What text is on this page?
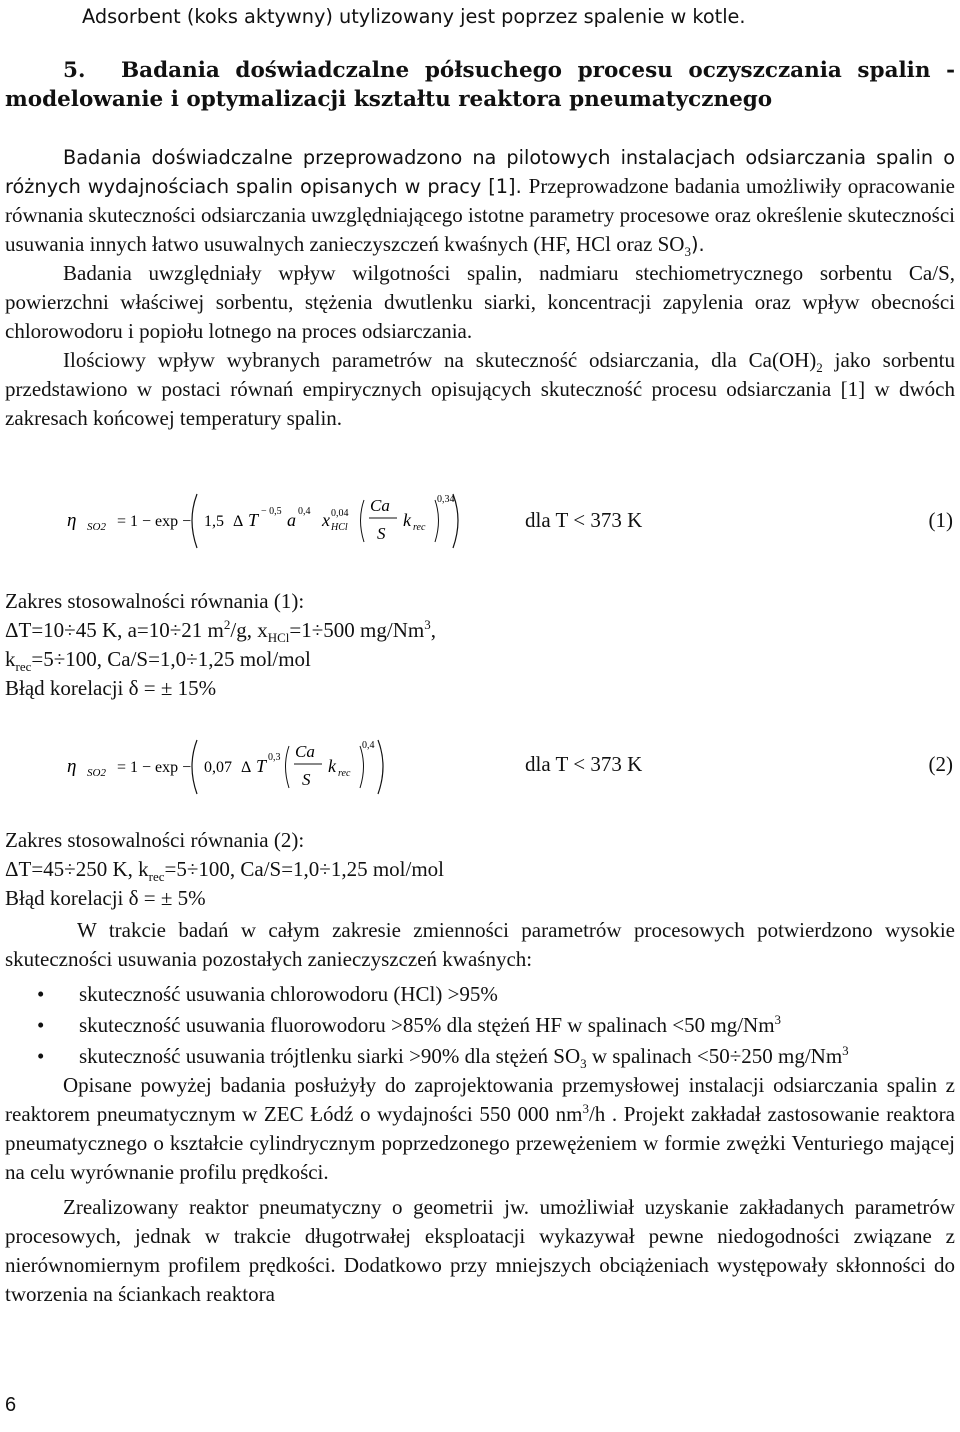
Adsorbent (koks aktywny) utylizowany jest poprzez spalenie w kotle.

5. Badania doświadczalne półsuchego procesu oczyszczania spalin -

modelowanie i optymalizacji kształtu reaktora pneumatycznego

Badania doświadczalne przeprowadzono na pilotowych instalacjach odsiarczania spalin o różnych wydajnościach spalin opisanych w pracy [1]. Przeprowadzone badania umożliwiły opracowanie równania skuteczności odsiarczania uwzględniającego istotne parametry procesowe oraz określenie skuteczności usuwania innych łatwo usuwalnych zanieczyszczeń kwaśnych (HF, HCl oraz $SO_3$).

Badania uwzględniały wpływ wilgotności spalin, nadmiaru stechiometrycznego sorbentu Ca/S, powierzchni właściwej sorbentu, stężenia dwutlenku siarki, koncentracji zapylenia oraz wpływ obecności chlorowodoru i popiołu lotnego na proces odsiarczania.

Ilościowy wpływ wybranych parametrów na skuteczność odsiarczania, dla $Ca(OH)_2$ jako sorbentu przedstawiono w postaci równań empirycznych opisujących skuteczność procesu odsiarczania [1] w dwóch zakresach końcowej temperatury spalin.

η SO2 = 1 − exp − 1,5 Δ T − 0,5 a 0,4 x 0,04
HCl
Ca
S
k rec
0,34
dla T < 373 K	(1)

Zakres stosowalności równania (1):

ΔT=10÷45 K, a=10÷21 $m^2/g$, $x_{HCl}=1\div 500$ mg/Nm$^3$,

$k_{rec}=5\div 100$, Ca/S=1,0÷1,25 mol/mol

Błąd korelacji δ = ± 15%

η SO2 = 1 − exp − 0,07 Δ T 0,3 Ca
S
k rec
0,4
dla T < 373 K	(2)

Zakres stosowalności równania (2):

ΔT=45÷250 K, $k_{rec}=5\div 100$, Ca/S=1,0÷1,25 mol/mol

Błąd korelacji δ = ± 5%

W trakcie badań w całym zakresie zmienności parametrów procesowych potwierdzono wysokie skuteczności usuwania pozostałych zanieczyszczeń kwaśnych:

• skuteczność usuwania chlorowodoru (HCl) >95%
• skuteczność usuwania fluorowodoru >85% dla stężeń HF w spalinach <50 mg/Nm$^3$
• skuteczność usuwania trójtlenku siarki >90% dla stężeń $SO_3$ w spalinach <50÷250 mg/Nm$^3$

Opisane powyżej badania posłużyły do zaprojektowania przemysłowej instalacji odsiarczania spalin z reaktorem pneumatycznym w ZEC Łódź o wydajności 550 000 $nm^3/h$ . Projekt zakładał zastosowanie reaktora pneumatycznego o kształcie cylindrycznym poprzedzonego przewężeniem w formie zwężki Venturiego mającej na celu wyrównanie profilu prędkości.

Zrealizowany reaktor pneumatyczny o geometrii jw. umożliwiał uzyskanie zakładanych parametrów procesowych, jednak w trakcie długotrwałej eksploatacji wykazywał pewne niedogodności związane z nierównomiernym profilem prędkości. Dodatkowo przy mniejszych obciążeniach występowały skłonności do tworzenia na ściankach reaktora

6
